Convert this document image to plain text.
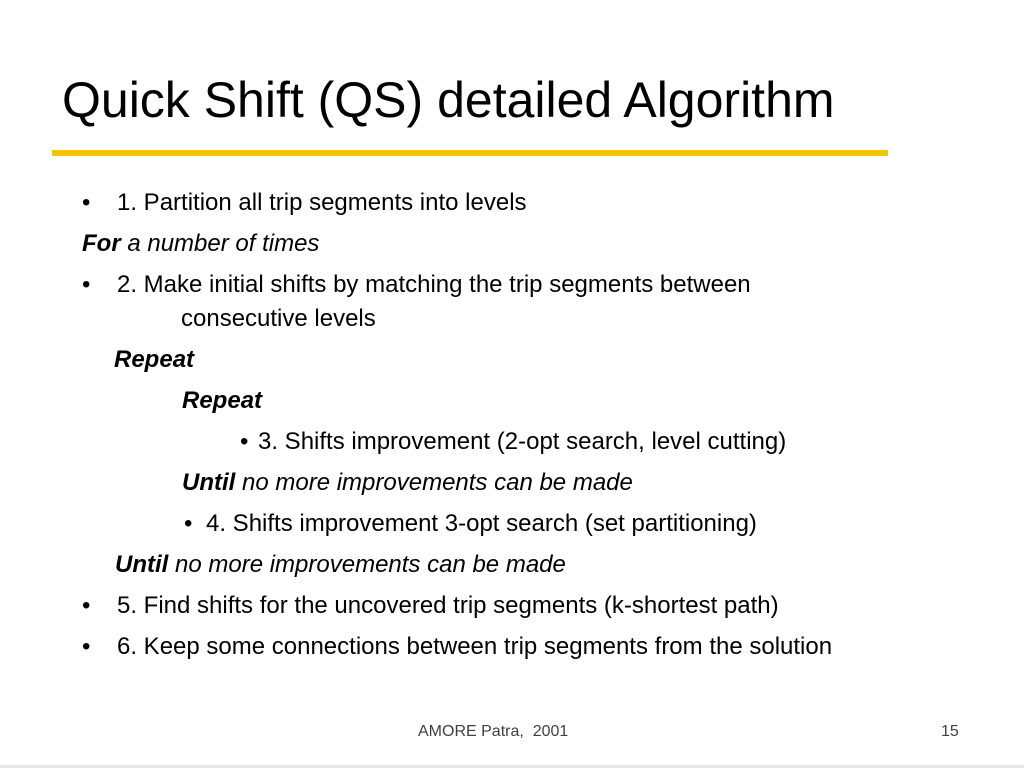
Quick Shift (QS) detailed Algorithm
• 1. Partition all trip segments into levels
For a number of times
• 2. Make initial shifts by matching the trip segments between
consecutive levels
Repeat
Repeat
• 3. Shifts improvement (2-opt search, level cutting)
Until no more improvements can be made
• 4. Shifts improvement 3-opt search (set partitioning)
Until no more improvements can be made
• 5. Find shifts for the uncovered trip segments (k-shortest path)
• 6. Keep some connections between trip segments from the solution
AMORE Patra,  2001	15
